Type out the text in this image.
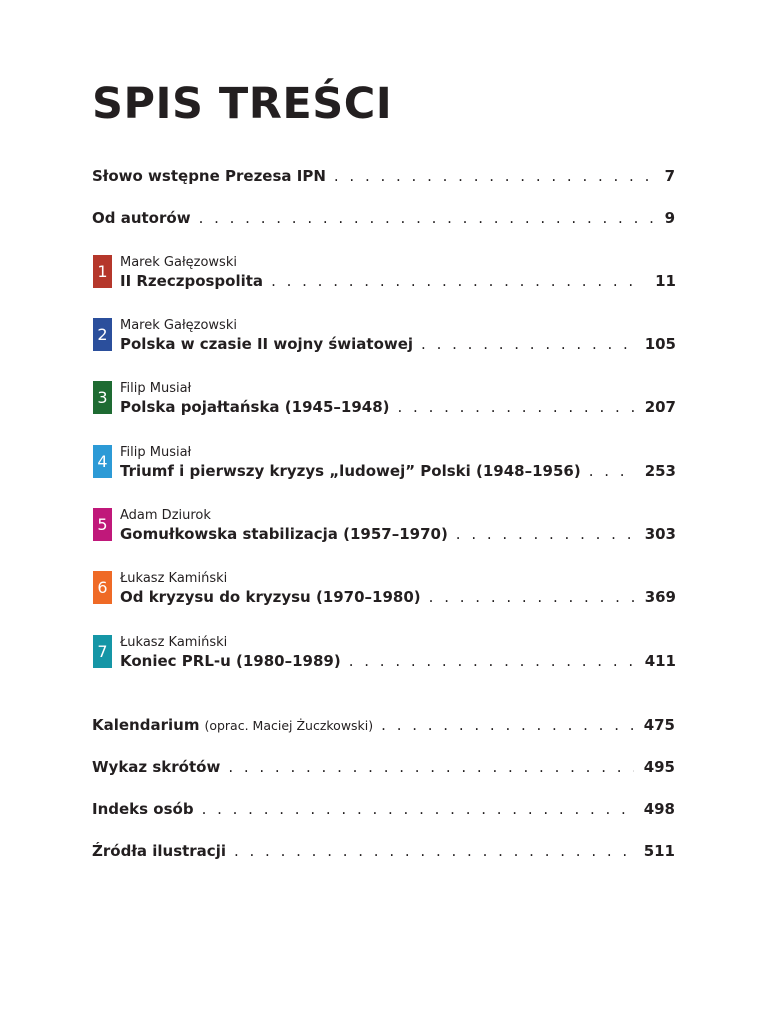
SPIS TREŚCI
Słowo wstępne Prezesa IPN . . .	7
Od autorów . . .	9
1 Marek Gałęzowski
II Rzeczpospolita . . .	11
2 Marek Gałęzowski
Polska w czasie II wojny światowej . . .	105
3 Filip Musiał
Polska pojałtańska (1945–1948) . . .	207
4 Filip Musiał
Triumf i pierwszy kryzys „ludowej” Polski (1948–1956) . . .	253
5 Adam Dziurok
Gomułkowska stabilizacja (1957–1970) . . .	303
6 Łukasz Kamiński
Od kryzysu do kryzysu (1970–1980) . . .	369
7 Łukasz Kamiński
Koniec PRL-u (1980–1989) . . .	411
Kalendarium (oprac. Maciej Żuczkowski) . . .	475
Wykaz skrótów . . .	495
Indeks osób . . .	498
Źródła ilustracji . . .	511
